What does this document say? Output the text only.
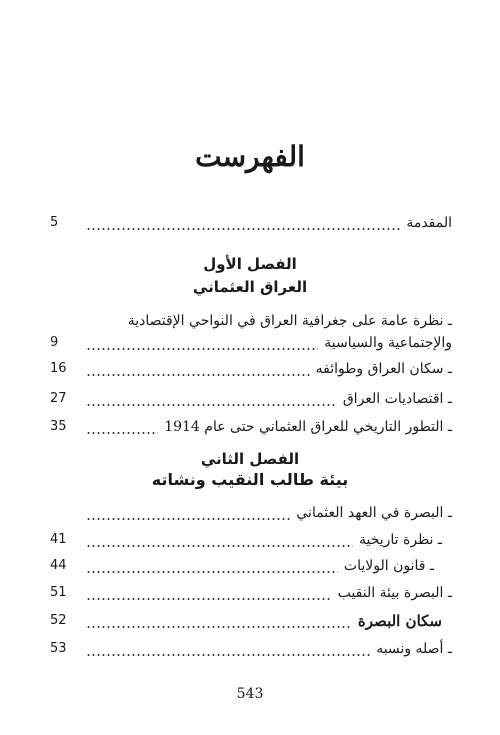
الفهرست
المقدمة
5
الفصل الأول
العراق العثماني
ـ نظرة عامة على جغرافية العراق في النواحي الإقتصادية
والإجتماعية والسياسية
9
ـ سكان العراق وطوائفه
16
ـ اقتصاديات العراق
27
ـ التطور التاريخي للعراق العثماني حتى عام 1914
35
الفصل الثاني
بيئة طالب النقيب ونشاته
ـ البصرة في العهد العثماني
ـ نظرة تاريخية
41
ـ قانون الولايات
44
ـ البصرة بيئة النقيب
51
سكان البصرة
52
ـ أصله ونسبه
53
543
